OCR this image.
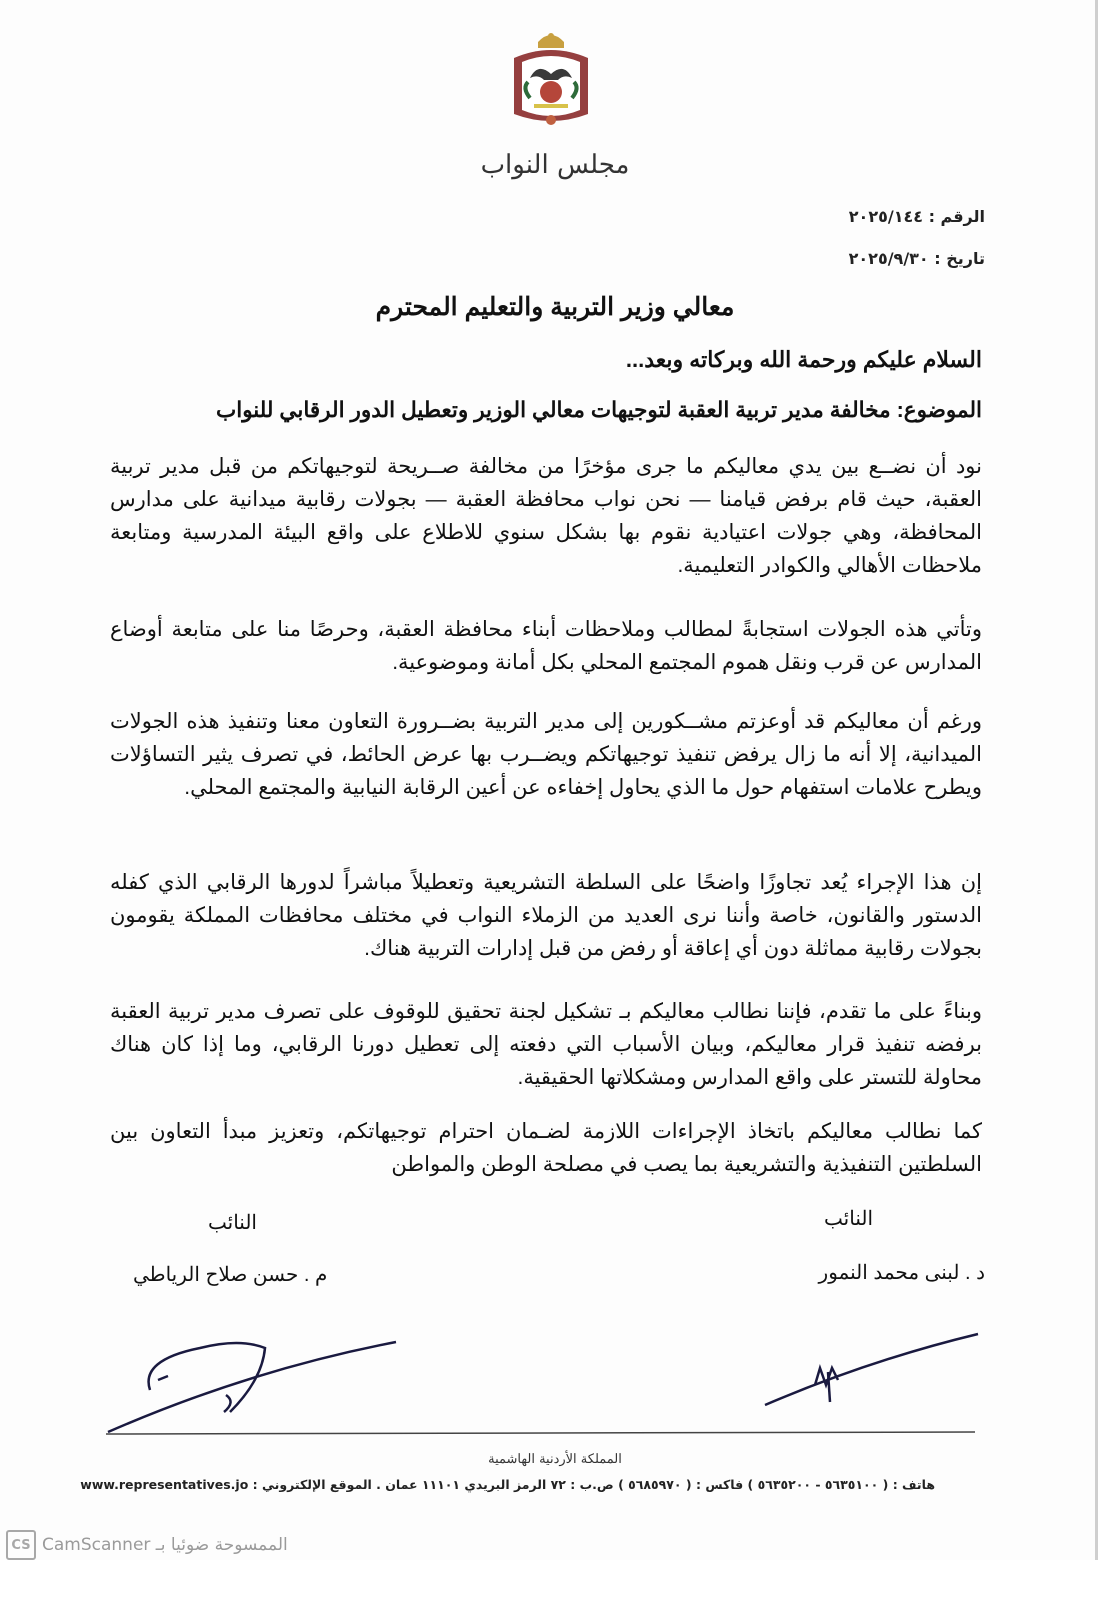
مجلس النواب
الرقم : ٢٠٢٥/١٤٤
تاريخ : ٢٠٢٥/٩/٣٠
معالي وزير التربية والتعليم المحترم
السلام عليكم ورحمة الله وبركاته وبعد...
الموضوع: مخالفة مدير تربية العقبة لتوجيهات معالي الوزير وتعطيل الدور الرقابي للنواب
نود أن نضــع بين يدي معاليكم ما جرى مؤخرًا من مخالفة صــريحة لتوجيهاتكم من قبل مدير تربية العقبة، حيث قام برفض قيامنا — نحن نواب محافظة العقبة — بجولات رقابية ميدانية على مدارس المحافظة، وهي جولات اعتيادية نقوم بها بشكل سنوي للاطلاع على واقع البيئة المدرسية ومتابعة ملاحظات الأهالي والكوادر التعليمية.
وتأتي هذه الجولات استجابةً لمطالب وملاحظات أبناء محافظة العقبة، وحرصًا منا على متابعة أوضاع المدارس عن قرب ونقل هموم المجتمع المحلي بكل أمانة وموضوعية.
ورغم أن معاليكم قد أوعزتم مشــكورين إلى مدير التربية بضــرورة التعاون معنا وتنفيذ هذه الجولات الميدانية، إلا أنه ما زال يرفض تنفيذ توجيهاتكم ويضــرب بها عرض الحائط، في تصرف يثير التساؤلات ويطرح علامات استفهام حول ما الذي يحاول إخفاءه عن أعين الرقابة النيابية والمجتمع المحلي.
إن هذا الإجراء يُعد تجاوزًا واضحًا على السلطة التشريعية وتعطيلاً مباشراً لدورها الرقابي الذي كفله الدستور والقانون، خاصة وأننا نرى العديد من الزملاء النواب في مختلف محافظات المملكة يقومون بجولات رقابية مماثلة دون أي إعاقة أو رفض من قبل إدارات التربية هناك.
وبناءً على ما تقدم، فإننا نطالب معاليكم بـ تشكيل لجنة تحقيق للوقوف على تصرف مدير تربية العقبة برفضه تنفيذ قرار معاليكم، وبيان الأسباب التي دفعته إلى تعطيل دورنا الرقابي، وما إذا كان هناك محاولة للتستر على واقع المدارس ومشكلاتها الحقيقية.
كما نطالب معاليكم باتخاذ الإجراءات اللازمة لضـمان احترام توجيهاتكم، وتعزيز مبدأ التعاون بين السلطتين التنفيذية والتشريعية بما يصب في مصلحة الوطن والمواطن
النائب
د . لبنى محمد النمور
النائب
م . حسن صلاح الرياطي
المملكة الأردنية الهاشمية
هاتف : ( ٥٦٣٥١٠٠ - ٥٦٣٥٢٠٠ ) فاكس : ( ٥٦٨٥٩٧٠ ) ص.ب : ٧٢ الرمز البريدي ١١١٠١ عمان . الموقع الإلكتروني : www.representatives.jo
CS الممسوحة ضوئيا بـ CamScanner
